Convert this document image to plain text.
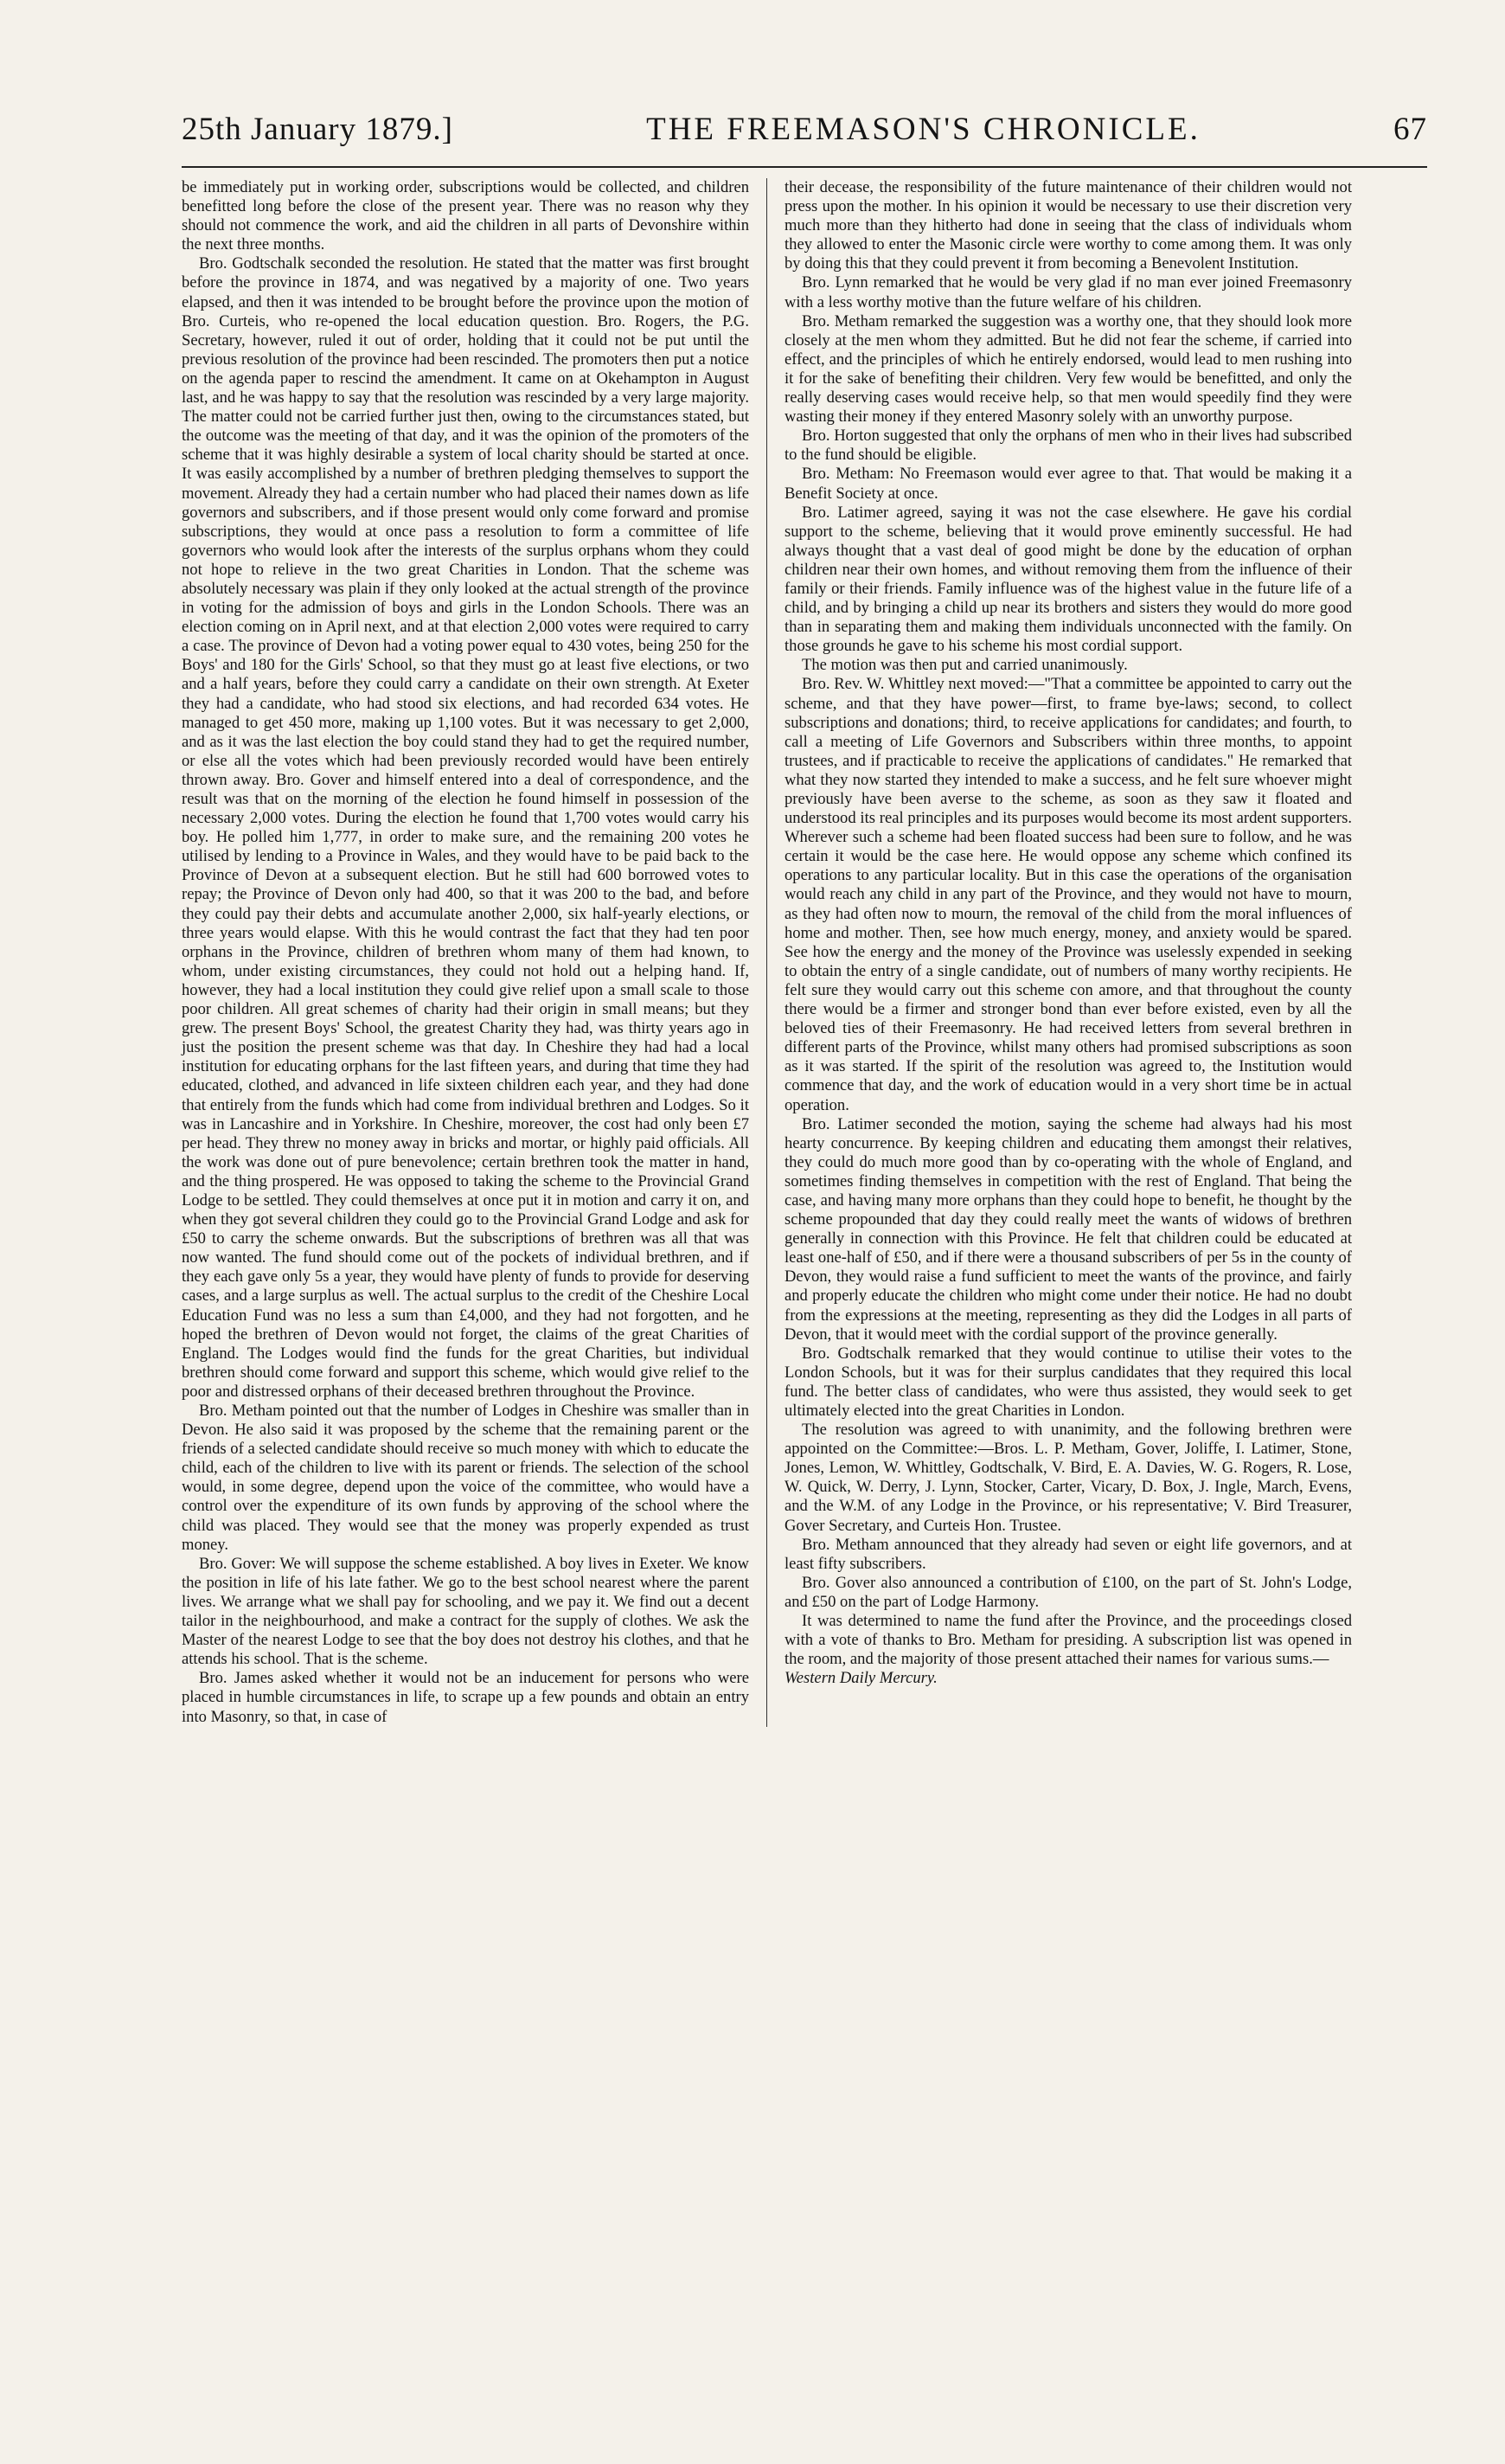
25th January 1879.]	THE FREEMASON'S CHRONICLE.	67

be immediately put in working order, subscriptions would be collected, and children benefitted long before the close of the present year. There was no reason why they should not commence the work, and aid the children in all parts of Devonshire within the next three months.

Bro. Godtschalk seconded the resolution. He stated that the matter was first brought before the province in 1874, and was negatived by a majority of one. Two years elapsed, and then it was intended to be brought before the province upon the motion of Bro. Curteis, who re-opened the local education question. Bro. Rogers, the P.G. Secretary, however, ruled it out of order, holding that it could not be put until the previous resolution of the province had been rescinded. The promoters then put a notice on the agenda paper to rescind the amendment. It came on at Okehampton in August last, and he was happy to say that the resolution was rescinded by a very large majority. The matter could not be carried further just then, owing to the circumstances stated, but the outcome was the meeting of that day, and it was the opinion of the promoters of the scheme that it was highly desirable a system of local charity should be started at once. It was easily accomplished by a number of brethren pledging themselves to support the movement. Already they had a certain number who had placed their names down as life governors and subscribers, and if those present would only come forward and promise subscriptions, they would at once pass a resolution to form a committee of life governors who would look after the interests of the surplus orphans whom they could not hope to relieve in the two great Charities in London. That the scheme was absolutely necessary was plain if they only looked at the actual strength of the province in voting for the admission of boys and girls in the London Schools. There was an election coming on in April next, and at that election 2,000 votes were required to carry a case. The province of Devon had a voting power equal to 430 votes, being 250 for the Boys' and 180 for the Girls' School, so that they must go at least five elections, or two and a half years, before they could carry a candidate on their own strength. At Exeter they had a candidate, who had stood six elections, and had recorded 634 votes. He managed to get 450 more, making up 1,100 votes. But it was necessary to get 2,000, and as it was the last election the boy could stand they had to get the required number, or else all the votes which had been previously recorded would have been entirely thrown away. Bro. Gover and himself entered into a deal of correspondence, and the result was that on the morning of the election he found himself in possession of the necessary 2,000 votes. During the election he found that 1,700 votes would carry his boy. He polled him 1,777, in order to make sure, and the remaining 200 votes he utilised by lending to a Province in Wales, and they would have to be paid back to the Province of Devon at a subsequent election. But he still had 600 borrowed votes to repay; the Province of Devon only had 400, so that it was 200 to the bad, and before they could pay their debts and accumulate another 2,000, six half-yearly elections, or three years would elapse. With this he would contrast the fact that they had ten poor orphans in the Province, children of brethren whom many of them had known, to whom, under existing circumstances, they could not hold out a helping hand. If, however, they had a local institution they could give relief upon a small scale to those poor children. All great schemes of charity had their origin in small means; but they grew. The present Boys' School, the greatest Charity they had, was thirty years ago in just the position the present scheme was that day. In Cheshire they had had a local institution for educating orphans for the last fifteen years, and during that time they had educated, clothed, and advanced in life sixteen children each year, and they had done that entirely from the funds which had come from individual brethren and Lodges. So it was in Lancashire and in Yorkshire. In Cheshire, moreover, the cost had only been £7 per head. They threw no money away in bricks and mortar, or highly paid officials. All the work was done out of pure benevolence; certain brethren took the matter in hand, and the thing prospered. He was opposed to taking the scheme to the Provincial Grand Lodge to be settled. They could themselves at once put it in motion and carry it on, and when they got several children they could go to the Provincial Grand Lodge and ask for £50 to carry the scheme onwards. But the subscriptions of brethren was all that was now wanted. The fund should come out of the pockets of individual brethren, and if they each gave only 5s a year, they would have plenty of funds to provide for deserving cases, and a large surplus as well. The actual surplus to the credit of the Cheshire Local Education Fund was no less a sum than £4,000, and they had not forgotten, and he hoped the brethren of Devon would not forget, the claims of the great Charities of England. The Lodges would find the funds for the great Charities, but individual brethren should come forward and support this scheme, which would give relief to the poor and distressed orphans of their deceased brethren throughout the Province.

Bro. Metham pointed out that the number of Lodges in Cheshire was smaller than in Devon. He also said it was proposed by the scheme that the remaining parent or the friends of a selected candidate should receive so much money with which to educate the child, each of the children to live with its parent or friends. The selection of the school would, in some degree, depend upon the voice of the committee, who would have a control over the expenditure of its own funds by approving of the school where the child was placed. They would see that the money was properly expended as trust money.

Bro. Gover: We will suppose the scheme established. A boy lives in Exeter. We know the position in life of his late father. We go to the best school nearest where the parent lives. We arrange what we shall pay for schooling, and we pay it. We find out a decent tailor in the neighbourhood, and make a contract for the supply of clothes. We ask the Master of the nearest Lodge to see that the boy does not destroy his clothes, and that he attends his school. That is the scheme.

Bro. James asked whether it would not be an inducement for persons who were placed in humble circumstances in life, to scrape up a few pounds and obtain an entry into Masonry, so that, in case of

their decease, the responsibility of the future maintenance of their children would not press upon the mother. In his opinion it would be necessary to use their discretion very much more than they hitherto had done in seeing that the class of individuals whom they allowed to enter the Masonic circle were worthy to come among them. It was only by doing this that they could prevent it from becoming a Benevolent Institution.

Bro. Lynn remarked that he would be very glad if no man ever joined Freemasonry with a less worthy motive than the future welfare of his children.

Bro. Metham remarked the suggestion was a worthy one, that they should look more closely at the men whom they admitted. But he did not fear the scheme, if carried into effect, and the principles of which he entirely endorsed, would lead to men rushing into it for the sake of benefiting their children. Very few would be benefitted, and only the really deserving cases would receive help, so that men would speedily find they were wasting their money if they entered Masonry solely with an unworthy purpose.

Bro. Horton suggested that only the orphans of men who in their lives had subscribed to the fund should be eligible.

Bro. Metham: No Freemason would ever agree to that. That would be making it a Benefit Society at once.

Bro. Latimer agreed, saying it was not the case elsewhere. He gave his cordial support to the scheme, believing that it would prove eminently successful. He had always thought that a vast deal of good might be done by the education of orphan children near their own homes, and without removing them from the influence of their family or their friends. Family influence was of the highest value in the future life of a child, and by bringing a child up near its brothers and sisters they would do more good than in separating them and making them individuals unconnected with the family. On those grounds he gave to his scheme his most cordial support.

The motion was then put and carried unanimously.

Bro. Rev. W. Whittley next moved:—"That a committee be appointed to carry out the scheme, and that they have power—first, to frame bye-laws; second, to collect subscriptions and donations; third, to receive applications for candidates; and fourth, to call a meeting of Life Governors and Subscribers within three months, to appoint trustees, and if practicable to receive the applications of candidates." He remarked that what they now started they intended to make a success, and he felt sure whoever might previously have been averse to the scheme, as soon as they saw it floated and understood its real principles and its purposes would become its most ardent supporters. Wherever such a scheme had been floated success had been sure to follow, and he was certain it would be the case here. He would oppose any scheme which confined its operations to any particular locality. But in this case the operations of the organisation would reach any child in any part of the Province, and they would not have to mourn, as they had often now to mourn, the removal of the child from the moral influences of home and mother. Then, see how much energy, money, and anxiety would be spared. See how the energy and the money of the Province was uselessly expended in seeking to obtain the entry of a single candidate, out of numbers of many worthy recipients. He felt sure they would carry out this scheme con amore, and that throughout the county there would be a firmer and stronger bond than ever before existed, even by all the beloved ties of their Freemasonry. He had received letters from several brethren in different parts of the Province, whilst many others had promised subscriptions as soon as it was started. If the spirit of the resolution was agreed to, the Institution would commence that day, and the work of education would in a very short time be in actual operation.

Bro. Latimer seconded the motion, saying the scheme had always had his most hearty concurrence. By keeping children and educating them amongst their relatives, they could do much more good than by co-operating with the whole of England, and sometimes finding themselves in competition with the rest of England. That being the case, and having many more orphans than they could hope to benefit, he thought by the scheme propounded that day they could really meet the wants of widows of brethren generally in connection with this Province. He felt that children could be educated at least one-half of £50, and if there were a thousand subscribers of per 5s in the county of Devon, they would raise a fund sufficient to meet the wants of the province, and fairly and properly educate the children who might come under their notice. He had no doubt from the expressions at the meeting, representing as they did the Lodges in all parts of Devon, that it would meet with the cordial support of the province generally.

Bro. Godtschalk remarked that they would continue to utilise their votes to the London Schools, but it was for their surplus candidates that they required this local fund. The better class of candidates, who were thus assisted, they would seek to get ultimately elected into the great Charities in London.

The resolution was agreed to with unanimity, and the following brethren were appointed on the Committee:—Bros. L. P. Metham, Gover, Joliffe, I. Latimer, Stone, Jones, Lemon, W. Whittley, Godtschalk, V. Bird, E. A. Davies, W. G. Rogers, R. Lose, W. Quick, W. Derry, J. Lynn, Stocker, Carter, Vicary, D. Box, J. Ingle, March, Evens, and the W.M. of any Lodge in the Province, or his representative; V. Bird Treasurer, Gover Secretary, and Curteis Hon. Trustee.

Bro. Metham announced that they already had seven or eight life governors, and at least fifty subscribers.

Bro. Gover also announced a contribution of £100, on the part of St. John's Lodge, and £50 on the part of Lodge Harmony.

It was determined to name the fund after the Province, and the proceedings closed with a vote of thanks to Bro. Metham for presiding. A subscription list was opened in the room, and the majority of those present attached their names for various sums.—

Western Daily Mercury.
